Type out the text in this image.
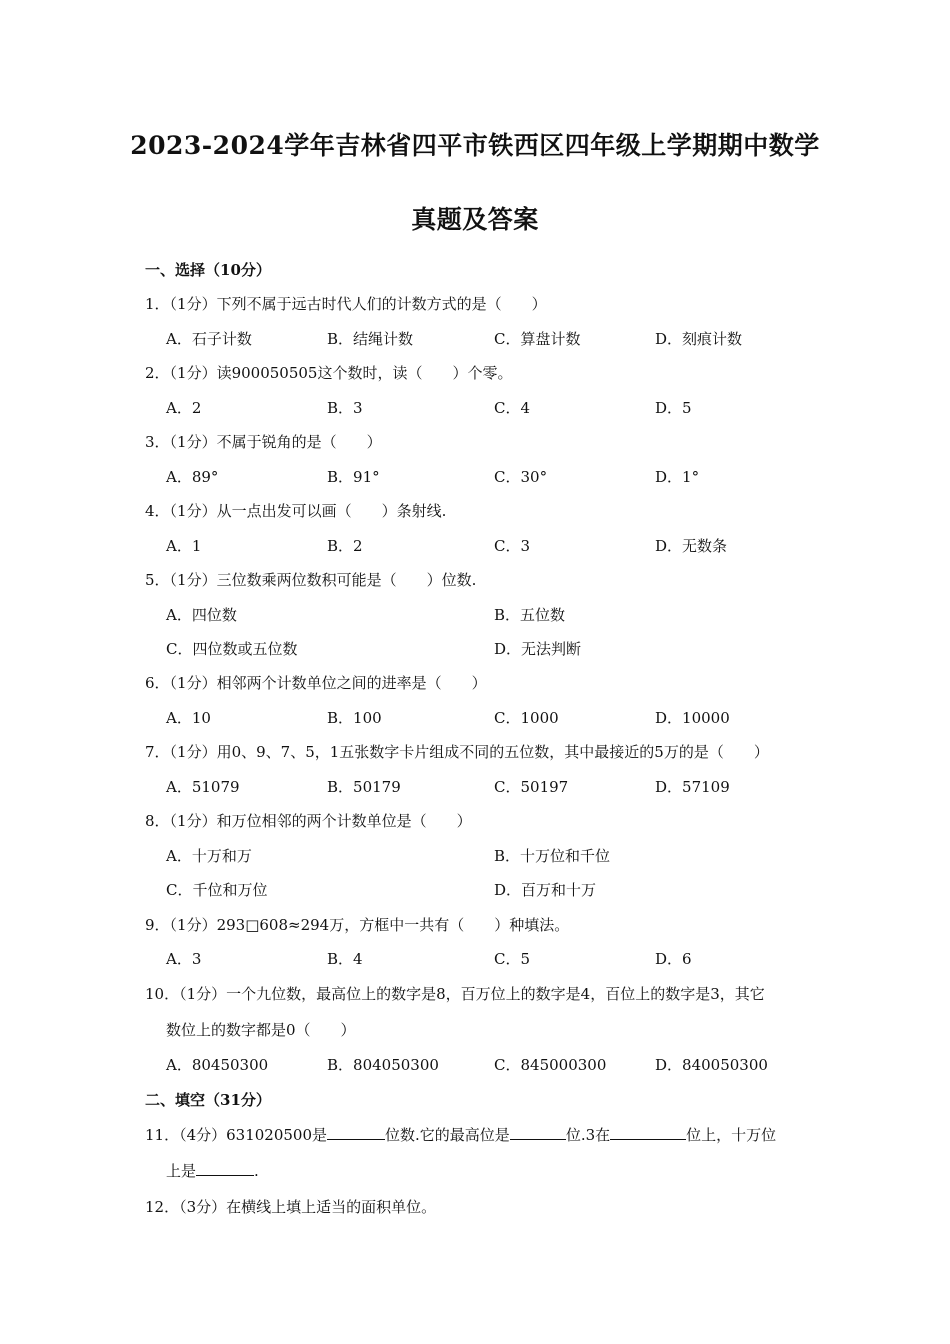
2023-2024学年吉林省四平市铁西区四年级上学期期中数学
真题及答案
一、选择（10分）
1．（1分）下列不属于远古时代人们的计数方式的是（　　）
A．石子计数	B．结绳计数	C．算盘计数	D．刻痕计数
2．（1分）读900050505这个数时，读（　　）个零。
A．2	B．3	C．4	D．5
3．（1分）不属于锐角的是（　　）
A．89°	B．91°	C．30°	D．1°
4．（1分）从一点出发可以画（　　）条射线.
A．1	B．2	C．3	D．无数条
5．（1分）三位数乘两位数积可能是（　　）位数.
A．四位数	B．五位数
C．四位数或五位数	D．无法判断
6．（1分）相邻两个计数单位之间的进率是（　　）
A．10	B．100	C．1000	D．10000
7．（1分）用0、9、7、5，1五张数字卡片组成不同的五位数，其中最接近的5万的是（　　）
A．51079	B．50179	C．50197	D．57109
8．（1分）和万位相邻的两个计数单位是（　　）
A．十万和万	B．十万位和千位
C．千位和万位	D．百万和十万
9．（1分）293□608≈294万，方框中一共有（　　）种填法。
A．3	B．4	C．5	D．6
10．（1分）一个九位数，最高位上的数字是8，百万位上的数字是4，百位上的数字是3，其它
数位上的数字都是0（　　）
A．80450300	B．804050300	C．845000300	D．840050300
二、填空（31分）
11．（4分）631020500是	位数.它的最高位是	位.3在	位上，十万位
上是	.
12．（3分）在横线上填上适当的面积单位。
